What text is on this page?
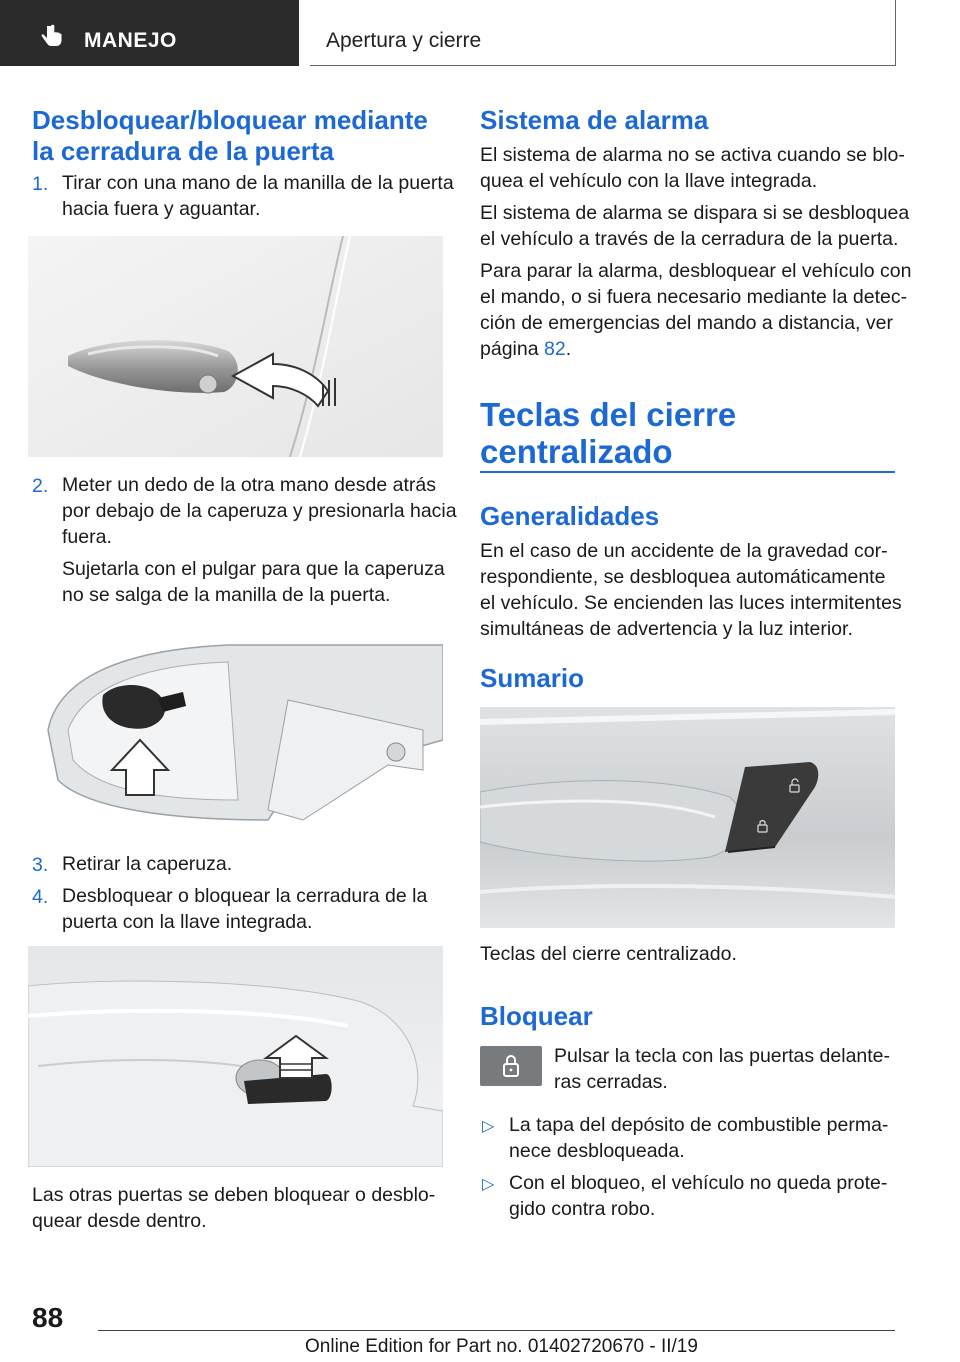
MANEJO	Apertura y cierre
Desbloquear/bloquear mediante
la cerradura de la puerta
1. Tirar con una mano de la manilla de la puerta
hacia fuera y aguantar.
2. Meter un dedo de la otra mano desde atrás
por debajo de la caperuza y presionarla hacia
fuera.
Sujetarla con el pulgar para que la caperuza
no se salga de la manilla de la puerta.
3. Retirar la caperuza.
4. Desbloquear o bloquear la cerradura de la
puerta con la llave integrada.
Las otras puertas se deben bloquear o desblo‐
quear desde dentro.
Sistema de alarma
El sistema de alarma no se activa cuando se blo‐
quea el vehículo con la llave integrada.
El sistema de alarma se dispara si se desbloquea
el vehículo a través de la cerradura de la puerta.
Para parar la alarma, desbloquear el vehículo con
el mando, o si fuera necesario mediante la detec‐
ción de emergencias del mando a distancia, ver
página 82.
Teclas del cierre
centralizado
Generalidades
En el caso de un accidente de la gravedad cor‐
respondiente, se desbloquea automáticamente
el vehículo. Se encienden las luces intermitentes
simultáneas de advertencia y la luz interior.
Sumario
Teclas del cierre centralizado.
Bloquear
Pulsar la tecla con las puertas delante‐
ras cerradas.
▷ La tapa del depósito de combustible perma‐
nece desbloqueada.
▷ Con el bloqueo, el vehículo no queda prote‐
gido contra robo.
88
Online Edition for Part no. 01402720670 - II/19
